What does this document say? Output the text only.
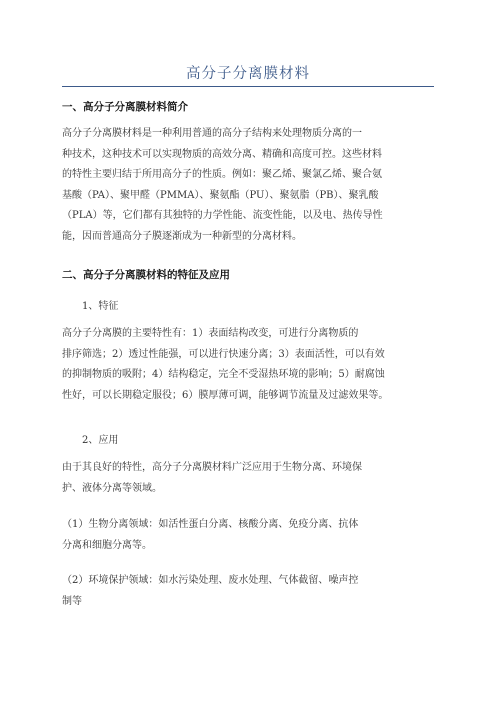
高分子分离膜材料
一、高分子分离膜材料简介
高分子分离膜材料是一种利用普通的高分子结构来处理物质分离的一
种技术，这种技术可以实现物质的高效分离、精确和高度可控。这些材料
的特性主要归结于所用高分子的性质。例如：聚乙烯、聚氯乙烯、聚合氨
基酸（PA）、聚甲醛（PMMA）、聚氨酯（PU）、聚氨脂（PB）、聚乳酸
（PLA）等，它们都有其独特的力学性能、流变性能，以及电、热传导性
能，因而普通高分子膜逐渐成为一种新型的分离材料。
二、高分子分离膜材料的特征及应用
1、特征
高分子分离膜的主要特性有：1）表面结构改变，可进行分离物质的
排序筛选；2）透过性能强，可以进行快速分离；3）表面活性，可以有效
的抑制物质的吸附；4）结构稳定，完全不受湿热环境的影响；5）耐腐蚀
性好，可以长期稳定服役；6）膜厚薄可调，能够调节流量及过滤效果等。
2、应用
由于其良好的特性，高分子分离膜材料广泛应用于生物分离、环境保
护、液体分离等领域。
（1）生物分离领域：如活性蛋白分离、核酸分离、免疫分离、抗体
分离和细胞分离等。
（2）环境保护领域：如水污染处理、废水处理、气体截留、噪声控
制等
